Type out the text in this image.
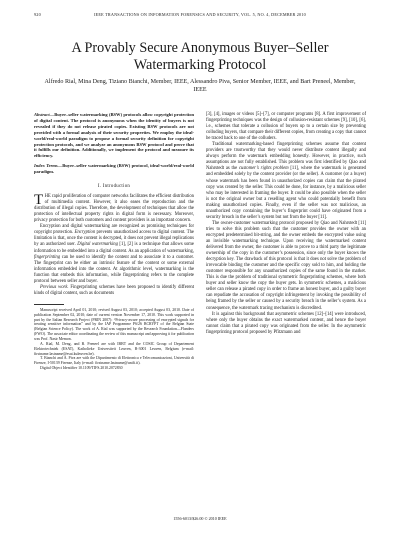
920	IEEE TRANSACTIONS ON INFORMATION FORENSICS AND SECURITY, VOL. 5, NO. 4, DECEMBER 2010
A Provably Secure Anonymous Buyer–Seller Watermarking Protocol
Alfredo Rial, Mina Deng, Tiziano Bianchi, Member, IEEE, Alessandro Piva, Senior Member, IEEE, and Bart Preneel, Member, IEEE

Abstract—Buyer–seller watermarking (BSW) protocols allow copyright protection of digital content. The protocol is anonymous when the identity of buyers is not revealed if they do not release pirated copies. Existing BSW protocols are not provided with a formal analysis of their security properties. We employ the ideal-world/real-world paradigm to propose a formal security definition for copyright protection protocols, and we analyze an anonymous BSW protocol and prove that it fulfills our definition. Additionally, we implement the protocol and measure its efficiency.

Index Terms—Buyer–seller watermarking (BSW) protocol, ideal-world/real-world paradigm.

I. Introduction

THE rapid proliferation of computer networks facilitates the efficient distribution of multimedia content. However, it also eases the reproduction and the distribution of illegal copies. Therefore, the development of techniques that allow the protection of intellectual property rights in digital form is necessary. Moreover, privacy protection for both customers and content providers is an important concern.

Encryption and digital watermarking are recognized as promising techniques for copyright protection. Encryption prevents unauthorized access to digital content. The limitation is that, once the content is decrypted, it does not prevent illegal replications by an authorized user. Digital watermarking [1], [2] is a technique that allows some information to be embedded into a digital content. As an application of watermarking, fingerprinting can be used to identify the content and to associate it to a customer. The fingerprint can be either an intrinsic feature of the content or some external information embedded into the content. At algorithmic level, watermarking is the function that embeds this information, while fingerprinting refers to the complete protocol between seller and buyer.

Previous work. Fingerprinting schemes have been proposed to identify different kinds of digital content, such as documents

Manuscript received April 01, 2010; revised August 03, 2010; accepted August 03, 2010. Date of publication September 02, 2010; date of current version November 17, 2010. This work supported in part by the Italian Research Project (PRIN 2007): “Privacy-aware processing of encrypted signals for treating sensitive information” and by the IAP Programme P6/26 BCRYPT of the Belgian State (Belgian Science Policy). The work of A. Rial was supported by the Research Foundation—Flanders (FWO). The associate editor coordinating the review of this manuscript and approving it for publication was Prof. Nasir Memon.

A. Rial, M. Deng, and B. Preneel are with IBBT and the COSIC Group of Departement Elektrotechniek (ESAT), Katholieke Universiteit Leuven, B-3001 Leuven, Belgium (e-mail: firstname.lastname@esat.kuleuven.be).

T. Bianchi and A. Piva are with the Dipartimento di Elettronica e Telecomunicazioni, Università di Firenze, I-50139 Firenze, Italy (e-mail: firstname.lastname@unifi.it).

Digital Object Identifier 10.1109/TIFS.2010.2072830

[3], [4], images or videos [5]–[7], or computer programs [8]. A first improvement of fingerprinting techniques was the design of collusion-resistant schemes [9], [10], [6], i.e., schemes that tolerate a collusion of buyers up to a certain size by preventing colluding buyers, that compare their different copies, from creating a copy that cannot be traced back to one of the colluders.

Traditional watermarking-based fingerprinting schemes assume that content providers are trustworthy that they would never distribute content illegally and always perform the watermark embedding honestly. However, in practice, such assumptions are not fully established. This problem was first identified by Qiao and Nahrstedt as the customer’s rights problem [11], where the watermark is generated and embedded solely by the content provider (or the seller). A customer (or a buyer) whose watermark has been found in unauthorized copies can claim that the pirated copy was created by the seller. This could be done, for instance, by a malicious seller who may be interested in framing the buyer. It could be also possible when the seller is not the original owner but a reselling agent who could potentially benefit from making unauthorized copies. Finally, even if the seller was not malicious, an unauthorized copy containing the buyer’s fingerprint could have originated from a security breach in the seller’s system but not from the buyer [11].

The owner-customer watermarking protocol proposed by Qiao and Nahrstedt [11] tries to solve this problem such that the customer provides the owner with an encrypted predetermined bit-string, and the owner embeds the encrypted value using an invisible watermarking technique. Upon receiving the watermarked content delivered from the owner, the customer is able to prove to a third party the legitimate ownership of the copy in the customer’s possession, since only the buyer knows the decryption key. The drawback of this protocol is that it does not solve the problem of irrevocable binding the customer and the specific copy sold to him, and holding the customer responsible for any unauthorized copies of the same found in the market. This is due the problem of traditional symmetric fingerprinting schemes, where both buyer and seller know the copy the buyer gets. In symmetric schemes, a malicious seller can release a pirated copy in order to frame an honest buyer, and a guilty buyer can repudiate the accusation of copyright infringement by invoking the possibility of being framed by the seller or caused by a security breach in the seller’s system. As a consequence, the watermark tracing mechanism is discredited.

It is against this background that asymmetric schemes [12]–[14] were introduced, where only the buyer obtains the exact watermarked content, and hence the buyer cannot claim that a pirated copy was originated from the seller. In the asymmetric fingerprinting protocol proposed by Pfitzmann and

1556-6013/$26.00 © 2010 IEEE
